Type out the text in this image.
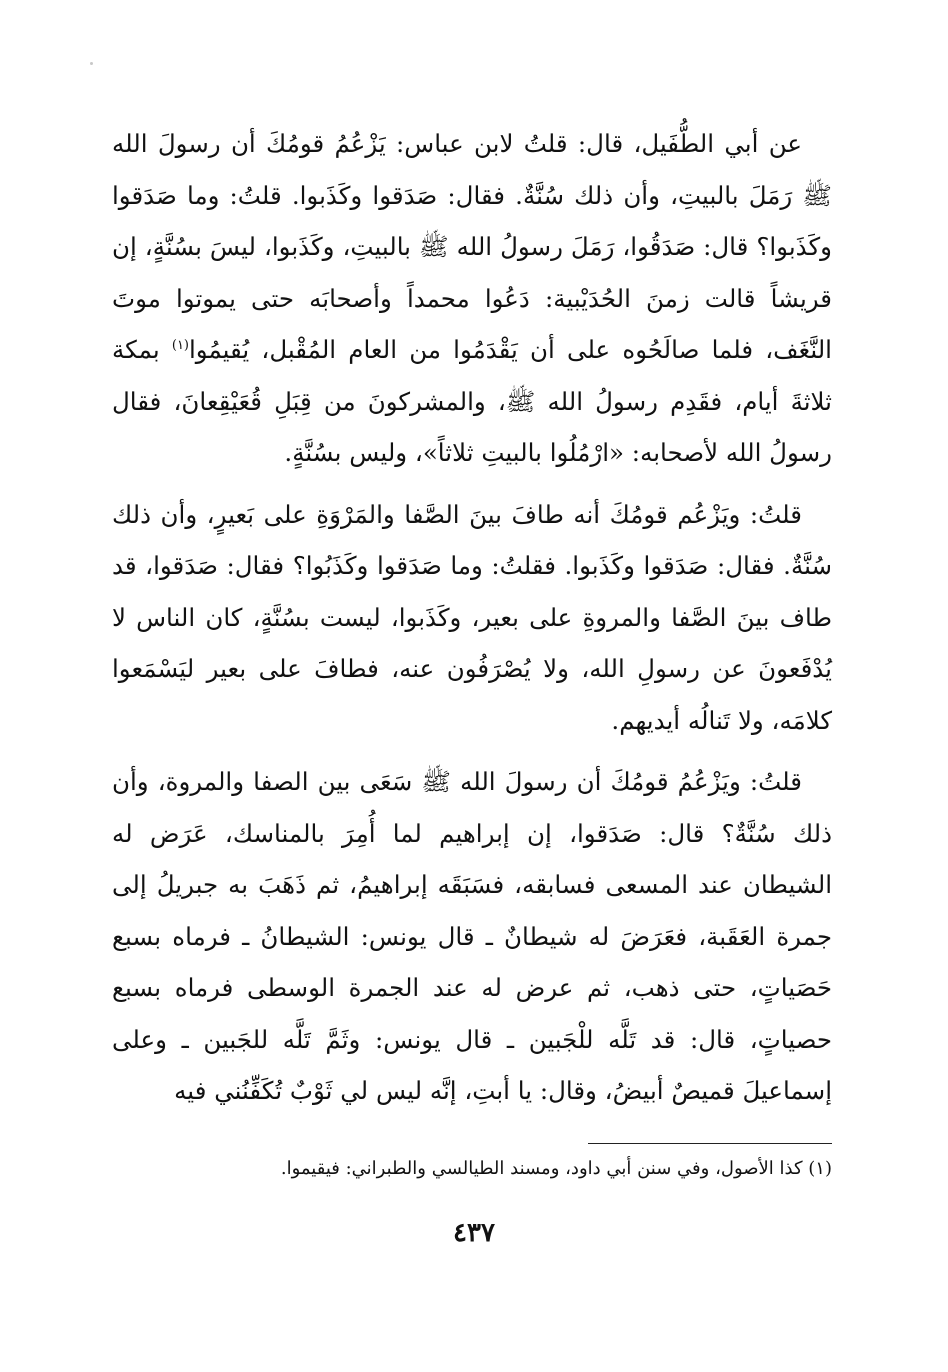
عن أبي الطُّفَيل، قال: قلتُ لابن عباس: يَزْعُمُ قومُكَ أن رسولَ الله ﷺ رَمَلَ بالبيتِ، وأن ذلك سُنَّةٌ. فقال: صَدَقوا وكَذَبوا. قلتُ: وما صَدَقوا وكَذَبوا؟ قال: صَدَقُوا، رَمَلَ رسولُ الله ﷺ بالبيتِ، وكَذَبوا، ليسَ بسُنَّةٍ، إن قريشاً قالت زمنَ الحُدَيْبية: دَعُوا محمداً وأصحابَه حتى يموتوا موتَ النَّغَف، فلما صالَحُوه على أن يَقْدَمُوا من العام المُقْبل، يُقيمُوا$^{(١)}$ بمكة ثلاثةَ أيام، فقَدِم رسولُ الله ﷺ، والمشركونَ من قِبَلِ قُعَيْقِعانَ، فقال رسولُ الله لأصحابه: «ارْمُلُوا بالبيتِ ثلاثاً»، وليس بسُنَّةٍ.

قلتُ: ويَزْعُم قومُكَ أنه طافَ بينَ الصَّفا والمَرْوَةِ على بَعيرٍ، وأن ذلك سُنَّةٌ. فقال: صَدَقوا وكَذَبوا. فقلتُ: وما صَدَقوا وكَذَبُوا؟ فقال: صَدَقوا، قد طاف بينَ الصَّفا والمروةِ على بعير، وكَذَبوا، ليست بسُنَّةٍ، كان الناس لا يُدْفَعونَ عن رسولِ الله، ولا يُصْرَفُون عنه، فطافَ على بعير ليَسْمَعوا كلامَه، ولا تَنالُه أيديهم.

قلتُ: ويَزْعُمُ قومُكَ أن رسولَ الله ﷺ سَعَى بين الصفا والمروة، وأن ذلك سُنَّةٌ؟ قال: صَدَقوا، إن إبراهيم لما أُمِرَ بالمناسك، عَرَض له الشيطان عند المسعى فسابقه، فسَبَقَه إبراهيمُ، ثم ذَهَبَ به جبريلُ إلى جمرة العَقَبة، فعَرَضَ له شيطانٌ ـ قال يونس: الشيطانُ ـ فرماه بسبع حَصَياتٍ، حتى ذهب، ثم عرض له عند الجمرة الوسطى فرماه بسبع حصياتٍ، قال: قد تَلَّه للْجَبين ـ قال يونس: وثَمَّ تَلَّه للجَبين ـ وعلى إسماعيلَ قميصٌ أبيضُ، وقال: يا أبتِ، إنَّه ليس لي ثَوْبٌ تُكَفِّنُني فيه

(١) كذا الأصول، وفي سنن أبي داود، ومسند الطيالسي والطبراني: فيقيموا.

٤٣٧
